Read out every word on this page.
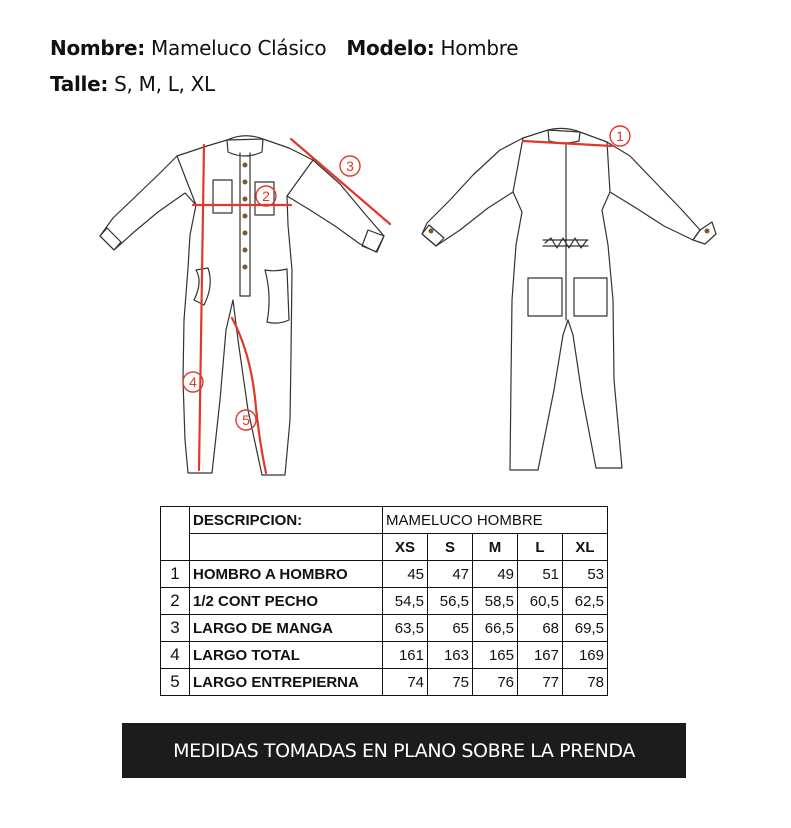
Nombre: Mameluco Clásico Modelo: Hombre
Talle: S, M, L, XL
1
2
3
4
5
	DESCRIPCION:	MAMELUCO HOMBRE				
		XS	S	M	L	XL
1	HOMBRO A HOMBRO	45	47	49	51	53
2	1/2 CONT PECHO	54,5	56,5	58,5	60,5	62,5
3	LARGO DE MANGA	63,5	65	66,5	68	69,5
4	LARGO TOTAL	161	163	165	167	169
5	LARGO ENTREPIERNA	74	75	76	77	78
MEDIDAS TOMADAS EN PLANO SOBRE LA PRENDA
